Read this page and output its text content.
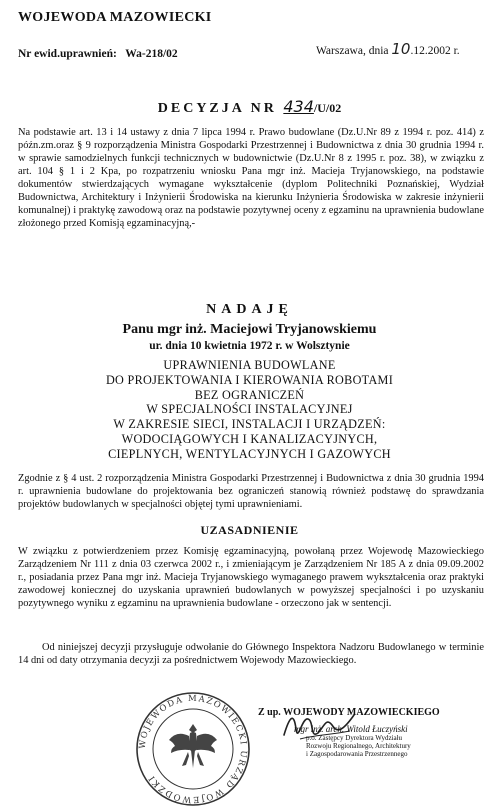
WOJEWODA MAZOWIECKI
Nr ewid.uprawnień: Wa-218/02	Warszawa, dnia 10.12.2002 r.
DECYZJA NR 434/U/02
Na podstawie art. 13 i 14 ustawy z dnia 7 lipca 1994 r. Prawo budowlane (Dz.U.Nr 89 z 1994 r. poz. 414) z późn.zm.oraz § 9 rozporządzenia Ministra Gospodarki Przestrzennej i Budownictwa z dnia 30 grudnia 1994 r. w sprawie samodzielnych funkcji technicznych w budownictwie (Dz.U.Nr 8 z 1995 r. poz. 38), w związku z art. 104 § 1 i 2 Kpa, po rozpatrzeniu wniosku Pana mgr inż. Macieja Tryjanowskiego, na podstawie dokumentów stwierdzających wymagane wykształcenie (dyplom Politechniki Poznańskiej, Wydział Budownictwa, Architektury i Inżynierii Środowiska na kierunku Inżynieria Środowiska w zakresie inżynierii komunalnej) i praktykę zawodową oraz na podstawie pozytywnej oceny z egzaminu na uprawnienia budowlane złożonego przed Komisją egzaminacyjną,-
NADAJĘ
Panu mgr inż. Maciejowi Tryjanowskiemu
ur. dnia 10 kwietnia 1972 r. w Wolsztynie
UPRAWNIENIA BUDOWLANE
DO PROJEKTOWANIA I KIEROWANIA ROBOTAMI
BEZ OGRANICZEŃ
W SPECJALNOŚCI INSTALACYJNEJ
W ZAKRESIE SIECI, INSTALACJI I URZĄDZEŃ:
WODOCIĄGOWYCH I KANALIZACYJNYCH,
CIEPLNYCH, WENTYLACYJNYCH I GAZOWYCH
Zgodnie z § 4 ust. 2 rozporządzenia Ministra Gospodarki Przestrzennej i Budownictwa z dnia 30 grudnia 1994 r. uprawnienia budowlane do projektowania bez ograniczeń stanowią również podstawę do sprawdzania projektów budowlanych w specjalności objętej tymi uprawnieniami.
UZASADNIENIE
W związku z potwierdzeniem przez Komisję egzaminacyjną, powołaną przez Wojewodę Mazowieckiego Zarządzeniem Nr 111 z dnia 03 czerwca 2002 r., i zmieniającym je Zarządzeniem Nr 185 A z dnia 09.09.2002 r., posiadania przez Pana mgr inż. Macieja Tryjanowskiego wymaganego prawem wykształcenia oraz praktyki zawodowej koniecznej do uzyskania uprawnień budowlanych w powyższej specjalności i po uzyskaniu pozytywnego wyniku z egzaminu na uprawnienia budowlane - orzeczono jak w sentencji.
Od niniejszej decyzji przysługuje odwołanie do Głównego Inspektora Nadzoru Budowlanego w terminie 14 dni od daty otrzymania decyzji za pośrednictwem Wojewody Mazowieckiego.
WOJEWODA MAZOWIECKI URZĄD WOJEWÓDZKI
Z up. WOJEWODY MAZOWIECKIEGO
mgr inż. arch. Witold Łuczyński
p.o. Zastępcy Dyrektora Wydziału
Rozwoju Regionalnego, Architektury
i Zagospodarowania Przestrzennego
